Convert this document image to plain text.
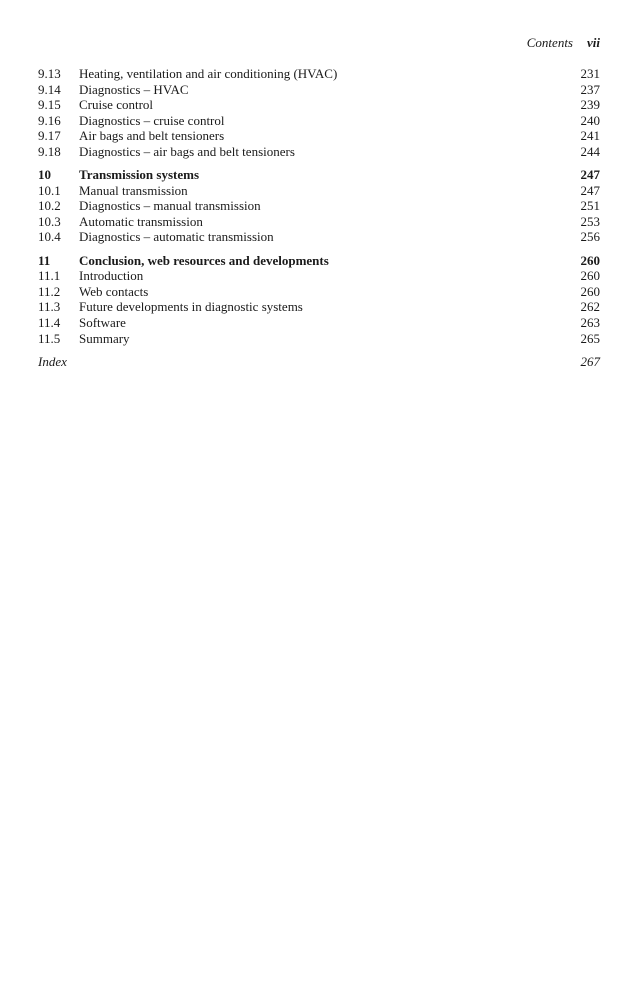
Contents vii
9.13	Heating, ventilation and air conditioning (HVAC)	231
9.14	Diagnostics – HVAC	237
9.15	Cruise control	239
9.16	Diagnostics – cruise control	240
9.17	Air bags and belt tensioners	241
9.18	Diagnostics – air bags and belt tensioners	244
10	Transmission systems	247
10.1	Manual transmission	247
10.2	Diagnostics – manual transmission	251
10.3	Automatic transmission	253
10.4	Diagnostics – automatic transmission	256
11	Conclusion, web resources and developments	260
11.1	Introduction	260
11.2	Web contacts	260
11.3	Future developments in diagnostic systems	262
11.4	Software	263
11.5	Summary	265
Index	267
